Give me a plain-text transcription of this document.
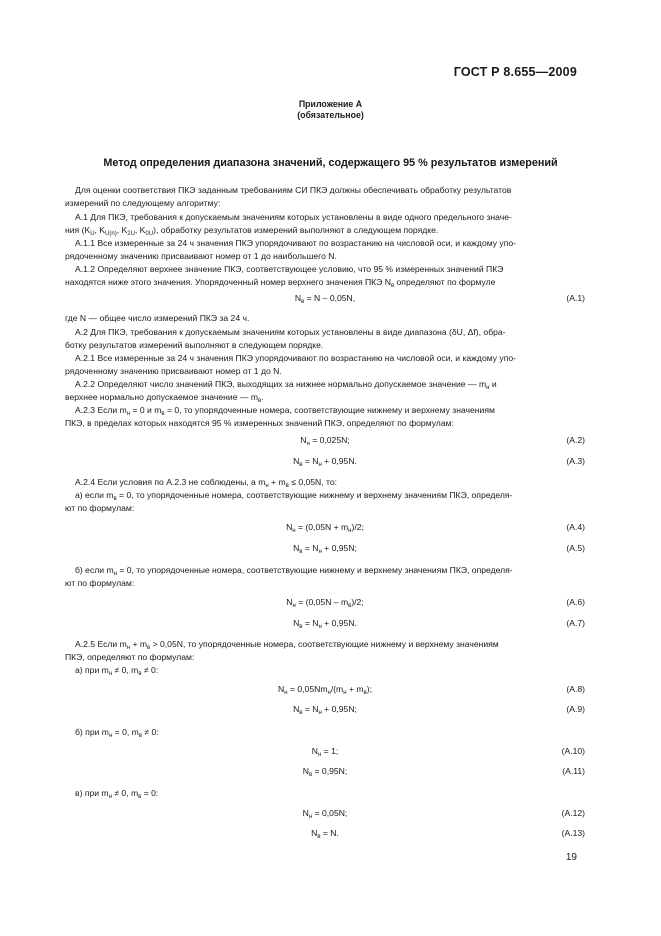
ГОСТ Р 8.655—2009
Приложение А
(обязательное)
Метод определения диапазона значений, содержащего 95 % результатов измерений
Для оценки соответствия ПКЭ заданным требованиям СИ ПКЭ должны обеспечивать обработку результатов
измерений по следующему алгоритму:
А.1 Для ПКЭ, требования к допускаемым значениям которых установлены в виде одного предельного значе-
ния ($K_U$, $K_{U(n)}$, $K_{2U}$, $K_{0U}$), обработку результатов измерений выполняют в следующем порядке.
А.1.1 Все измеренные за 24 ч значения ПКЭ упорядочивают по возрастанию на числовой оси, и каждому упо-
рядоченному значению присваивают номер от 1 до наибольшего N.
А.1.2 Определяют верхнее значение ПКЭ, соответствующее условию, что 95 % измеренных значений ПКЭ
находятся ниже этого значения. Упорядоченный номер верхнего значения ПКЭ $N_в$ определяют по формуле
$N_в = N - 0,05N$,	(А.1)
где N — общее число измерений ПКЭ за 24 ч.
А.2 Для ПКЭ, требования к допускаемым значениям которых установлены в виде диапазона (δU, Δf), обра-
ботку результатов измерений выполняют в следующем порядке.
А.2.1 Все измеренные за 24 ч значения ПКЭ упорядочивают по возрастанию на числовой оси, и каждому упо-
рядоченному значению присваивают номер от 1 до N.
А.2.2 Определяют число значений ПКЭ, выходящих за нижнее нормально допускаемое значение — $m_н$ и
верхнее нормально допускаемое значение — $m_в$.
А.2.3 Если $m_н = 0$ и $m_в = 0$, то упорядоченные номера, соответствующие нижнему и верхнему значениям
ПКЭ, в пределах которых находятся 95 % измеренных значений ПКЭ, определяют по формулам:
$N_н = 0,025N$;	(А.2)
$N_в = N_н + 0,95N$.	(А.3)
А.2.4 Если условия по А.2.3 не соблюдены, а $m_н + m_в \le 0,05N$, то:
а) если $m_в = 0$, то упорядоченные номера, соответствующие нижнему и верхнему значениям ПКЭ, определя-
ют по формулам:
$N_н = (0,05N + m_н)/2$;	(А.4)
$N_в = N_н + 0,95N$;	(А.5)
б) если $m_н = 0$, то упорядоченные номера, соответствующие нижнему и верхнему значениям ПКЭ, определя-
ют по формулам:
$N_н = (0,05N - m_в)/2$;	(А.6)
$N_в = N_н + 0,95N$.	(А.7)
А.2.5 Если $m_н + m_в > 0,05N$, то упорядоченные номера, соответствующие нижнему и верхнему значениям
ПКЭ, определяют по формулам:
а) при $m_н \ne 0$, $m_в \ne 0$:
$N_н = 0,05Nm_н/(m_н + m_в)$;	(А.8)
$N_в = N_н + 0,95N$;	(А.9)
б) при $m_н = 0$, $m_в \ne 0$:
$N_н = 1$;	(А.10)
$N_в = 0,95N$;	(А.11)
в) при $m_н \ne 0$, $m_в = 0$:
$N_н = 0,05N$;	(А.12)
$N_в = N$.	(А.13)
19
